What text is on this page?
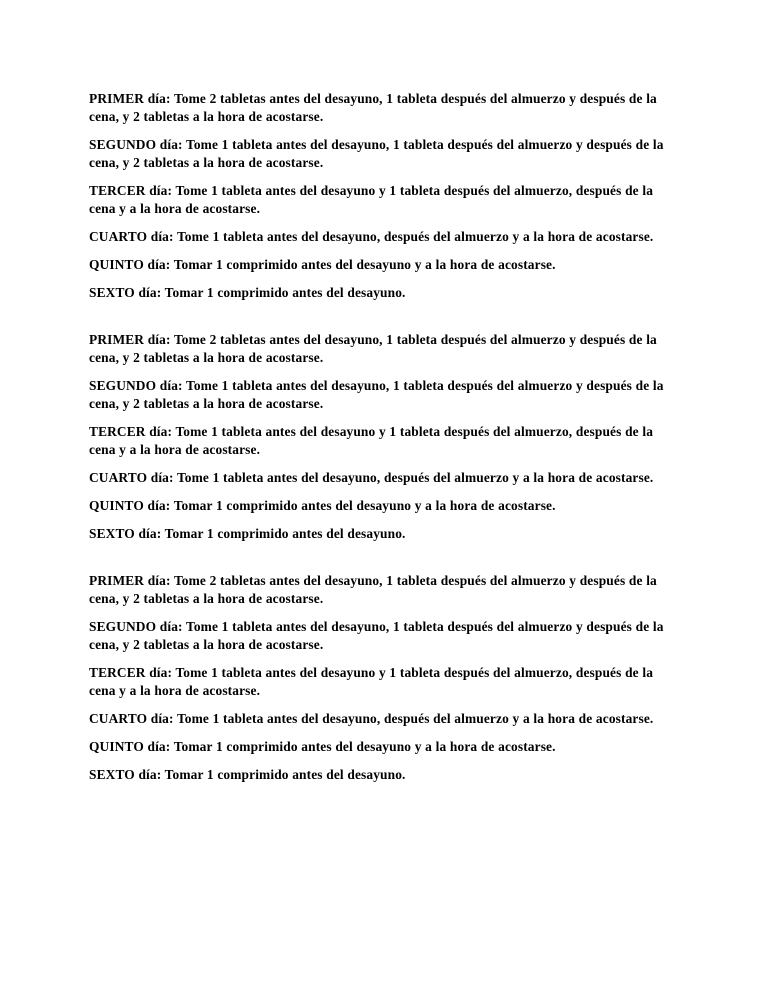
PRIMER día: Tome 2 tabletas antes del desayuno, 1 tableta después del almuerzo y después de la cena, y 2 tabletas a la hora de acostarse.

SEGUNDO día: Tome 1 tableta antes del desayuno, 1 tableta después del almuerzo y después de la cena, y 2 tabletas a la hora de acostarse.

TERCER día: Tome 1 tableta antes del desayuno y 1 tableta después del almuerzo, después de la cena y a la hora de acostarse.

CUARTO día: Tome 1 tableta antes del desayuno, después del almuerzo y a la hora de acostarse.

QUINTO día: Tomar 1 comprimido antes del desayuno y a la hora de acostarse.

SEXTO día: Tomar 1 comprimido antes del desayuno.

PRIMER día: Tome 2 tabletas antes del desayuno, 1 tableta después del almuerzo y después de la cena, y 2 tabletas a la hora de acostarse.

SEGUNDO día: Tome 1 tableta antes del desayuno, 1 tableta después del almuerzo y después de la cena, y 2 tabletas a la hora de acostarse.

TERCER día: Tome 1 tableta antes del desayuno y 1 tableta después del almuerzo, después de la cena y a la hora de acostarse.

CUARTO día: Tome 1 tableta antes del desayuno, después del almuerzo y a la hora de acostarse.

QUINTO día: Tomar 1 comprimido antes del desayuno y a la hora de acostarse.

SEXTO día: Tomar 1 comprimido antes del desayuno.

PRIMER día: Tome 2 tabletas antes del desayuno, 1 tableta después del almuerzo y después de la cena, y 2 tabletas a la hora de acostarse.

SEGUNDO día: Tome 1 tableta antes del desayuno, 1 tableta después del almuerzo y después de la cena, y 2 tabletas a la hora de acostarse.

TERCER día: Tome 1 tableta antes del desayuno y 1 tableta después del almuerzo, después de la cena y a la hora de acostarse.

CUARTO día: Tome 1 tableta antes del desayuno, después del almuerzo y a la hora de acostarse.

QUINTO día: Tomar 1 comprimido antes del desayuno y a la hora de acostarse.

SEXTO día: Tomar 1 comprimido antes del desayuno.
